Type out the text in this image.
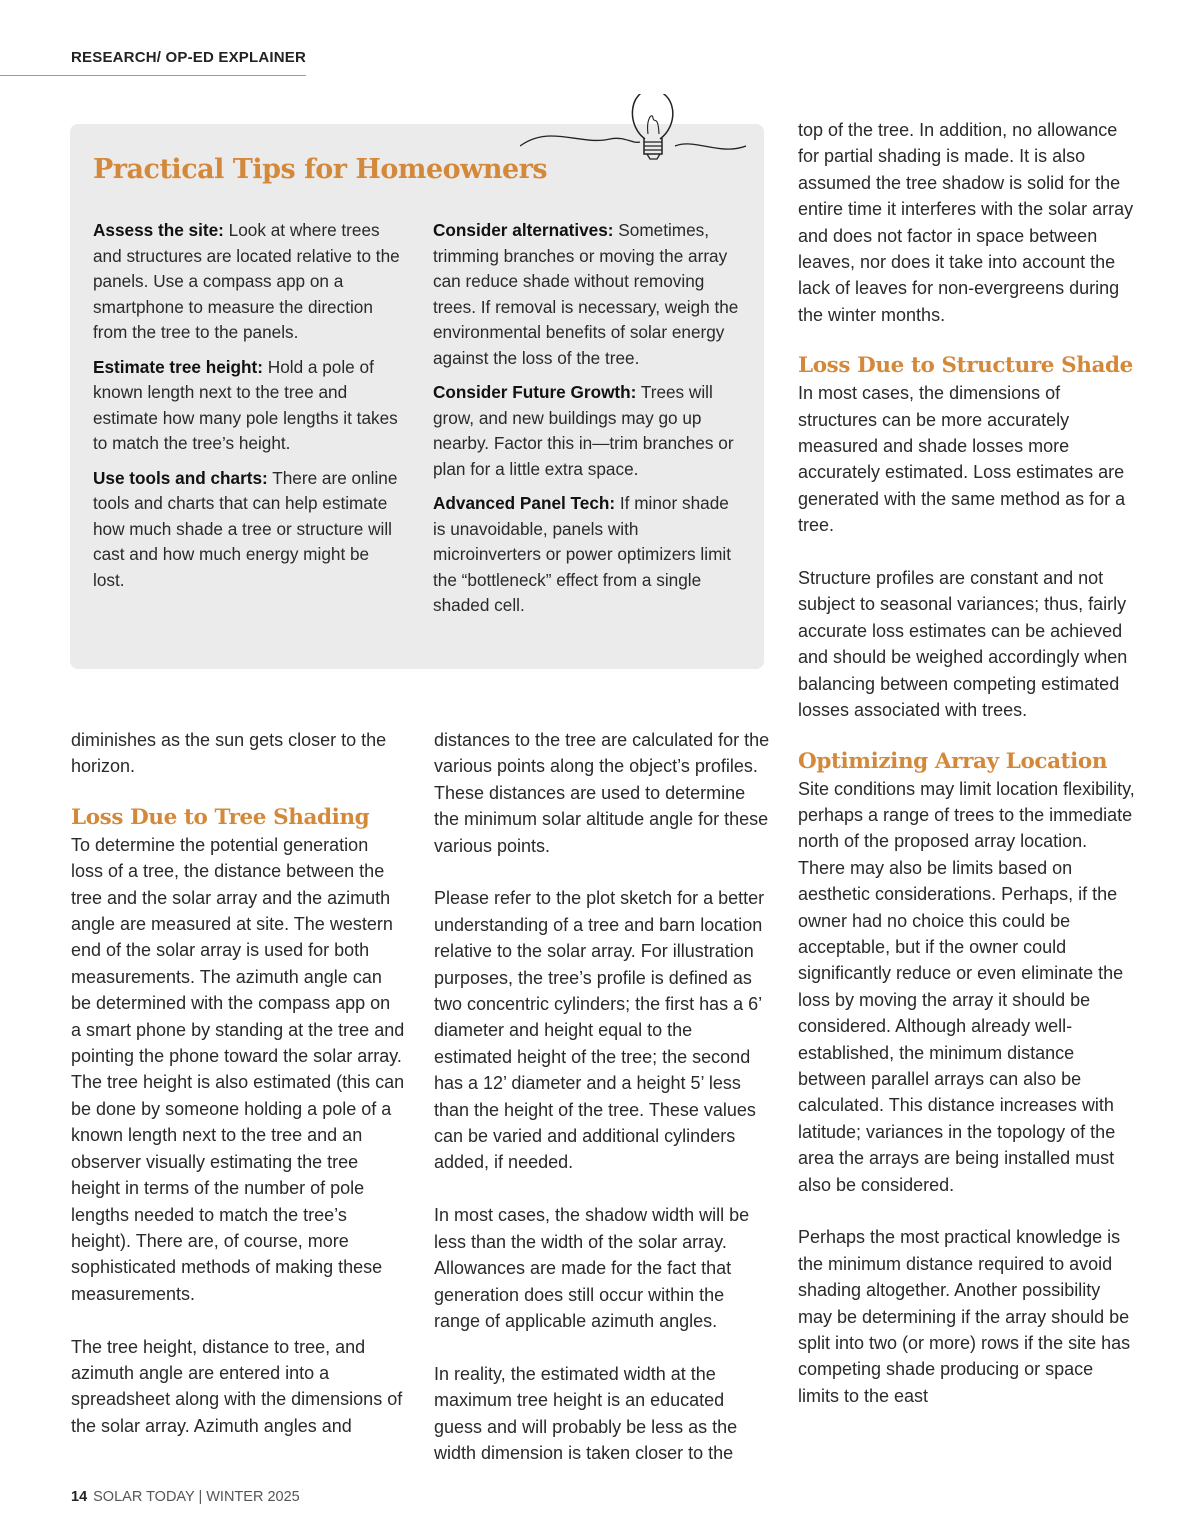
RESEARCH/ OP-ED EXPLAINER
Practical Tips for Homeowners

Assess the site: Look at where trees and structures are located relative to the panels. Use a compass app on a smartphone to measure the direction from the tree to the panels.

Estimate tree height: Hold a pole of known length next to the tree and estimate how many pole lengths it takes to match the tree’s height.

Use tools and charts: There are online tools and charts that can help estimate how much shade a tree or structure will cast and how much energy might be lost.

Consider alternatives: Sometimes, trimming branches or moving the array can reduce shade without removing trees. If removal is necessary, weigh the environmental benefits of solar energy against the loss of the tree.

Consider Future Growth: Trees will grow, and new buildings may go up nearby. Factor this in—trim branches or plan for a little extra space.

Advanced Panel Tech: If minor shade is unavoidable, panels with microinverters or power optimizers limit the “bottleneck” effect from a single shaded cell.

diminishes as the sun gets closer to the horizon.

Loss Due to Tree Shading

To determine the potential generation loss of a tree, the distance between the tree and the solar array and the azimuth angle are measured at site. The western end of the solar array is used for both measurements. The azimuth angle can be determined with the compass app on a smart phone by standing at the tree and pointing the phone toward the solar array. The tree height is also estimated (this can be done by someone holding a pole of a known length next to the tree and an observer visually estimating the tree height in terms of the number of pole lengths needed to match the tree’s height). There are, of course, more sophisticated methods of making these measurements.

The tree height, distance to tree, and azimuth angle are entered into a spreadsheet along with the dimensions of the solar array. Azimuth angles and

distances to the tree are calculated for the various points along the object’s profiles. These distances are used to determine the minimum solar altitude angle for these various points.

Please refer to the plot sketch for a better understanding of a tree and barn location relative to the solar array. For illustration purposes, the tree’s profile is defined as two concentric cylinders; the first has a 6’ diameter and height equal to the estimated height of the tree; the second has a 12’ diameter and a height 5’ less than the height of the tree. These values can be varied and additional cylinders added, if needed.

In most cases, the shadow width will be less than the width of the solar array. Allowances are made for the fact that generation does still occur within the range of applicable azimuth angles.

In reality, the estimated width at the maximum tree height is an educated guess and will probably be less as the width dimension is taken closer to the

top of the tree. In addition, no allowance for partial shading is made. It is also assumed the tree shadow is solid for the entire time it interferes with the solar array and does not factor in space between leaves, nor does it take into account the lack of leaves for non-evergreens during the winter months.

Loss Due to Structure Shade

In most cases, the dimensions of structures can be more accurately measured and shade losses more accurately estimated. Loss estimates are generated with the same method as for a tree.

Structure profiles are constant and not subject to seasonal variances; thus, fairly accurate loss estimates can be achieved and should be weighed accordingly when balancing between competing estimated losses associated with trees.

Optimizing Array Location

Site conditions may limit location flexibility, perhaps a range of trees to the immediate north of the proposed array location. There may also be limits based on aesthetic considerations. Perhaps, if the owner had no choice this could be acceptable, but if the owner could significantly reduce or even eliminate the loss by moving the array it should be considered. Although already well-established, the minimum distance between parallel arrays can also be calculated. This distance increases with latitude; variances in the topology of the area the arrays are being installed must also be considered.

Perhaps the most practical knowledge is the minimum distance required to avoid shading altogether. Another possibility may be determining if the array should be split into two (or more) rows if the site has competing shade producing or space limits to the east

14 SOLAR TODAY | WINTER 2025
